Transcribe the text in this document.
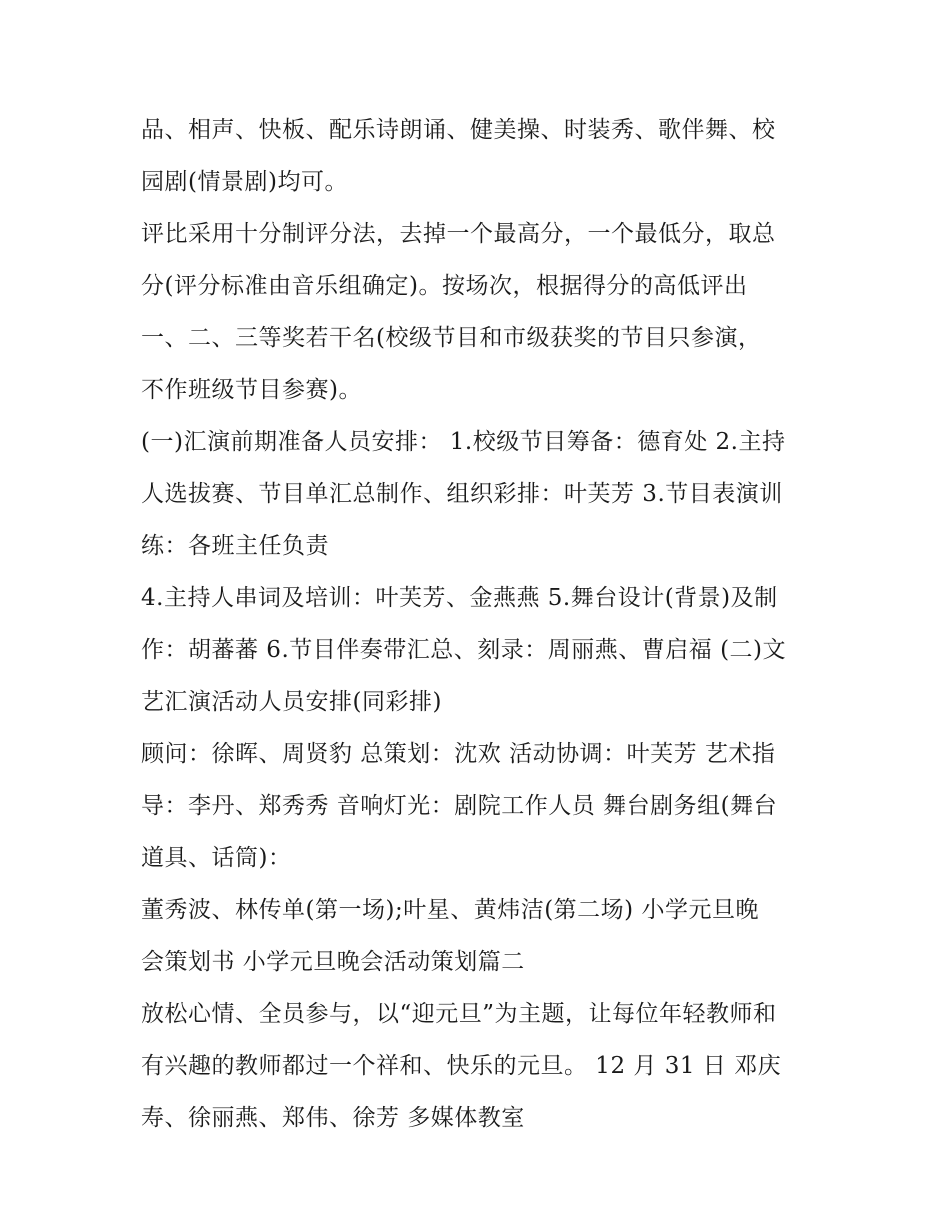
品、相声、快板、配乐诗朗诵、健美操、时装秀、歌伴舞、校
园剧(情景剧)均可。
评比采用十分制评分法，去掉一个最高分，一个最低分，取总
分(评分标准由音乐组确定)。按场次，根据得分的高低评出
一、二、三等奖若干名(校级节目和市级获奖的节目只参演，
不作班级节目参赛)。
(一)汇演前期准备人员安排： 1.校级节目筹备：德育处 2.主持
人选拔赛、节目单汇总制作、组织彩排：叶芙芳 3.节目表演训
练：各班主任负责
4.主持人串词及培训：叶芙芳、金燕燕 5.舞台设计(背景)及制
作：胡蕃蕃 6.节目伴奏带汇总、刻录：周丽燕、曹启福 (二)文
艺汇演活动人员安排(同彩排)
顾问：徐晖、周贤豹 总策划：沈欢 活动协调：叶芙芳 艺术指
导：李丹、郑秀秀 音响灯光：剧院工作人员 舞台剧务组(舞台
道具、话筒)：
董秀波、林传单(第一场);叶星、黄炜洁(第二场) 小学元旦晚
会策划书 小学元旦晚会活动策划篇二
放松心情、全员参与，以“迎元旦”为主题，让每位年轻教师和
有兴趣的教师都过一个祥和、快乐的元旦。 12 月 31 日 邓庆
寿、徐丽燕、郑伟、徐芳 多媒体教室
